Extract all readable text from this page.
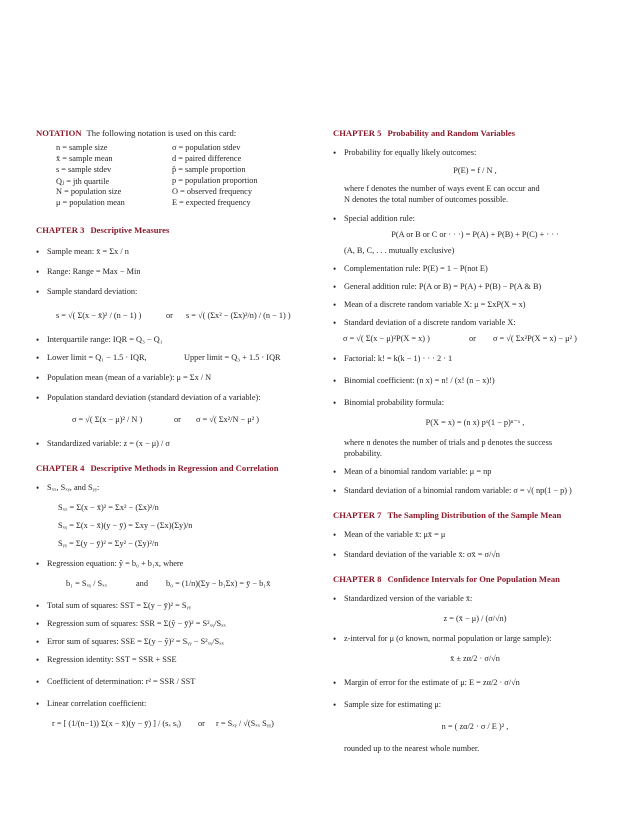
NOTATION The following notation is used on this card:
n = sample size	σ = population stdev
x̄ = sample mean	d = paired difference
s = sample stdev	p̂ = sample proportion
Qⱼ = jth quartile	p = population proportion
N = population size	O = observed frequency
μ = population mean	E = expected frequency
CHAPTER 3 Descriptive Measures
• Sample mean: x̄ = Σx / n
• Range: Range = Max − Min
• Sample standard deviation:
s = √( Σ(x − x̄)² / (n − 1) )	or s = √( (Σx² − (Σx)²/n) / (n − 1) )
• Interquartile range: IQR = Q₃ − Q₁
• Lower limit = Q₁ − 1.5 · IQR,	Upper limit = Q₃ + 1.5 · IQR
• Population mean (mean of a variable): μ = Σx / N
• Population standard deviation (standard deviation of a variable):
σ = √( Σ(x − μ)² / N )	or σ = √( Σx²/N − μ² )
• Standardized variable: z = (x − μ) / σ
CHAPTER 4 Descriptive Methods in Regression and Correlation
• Sₓₓ, Sₓᵧ, and Sᵧᵧ:
Sₓₓ = Σ(x − x̄)² = Σx² − (Σx)²/n
Sₓᵧ = Σ(x − x̄)(y − ȳ) = Σxy − (Σx)(Σy)/n
Sᵧᵧ = Σ(y − ȳ)² = Σy² − (Σy)²/n
• Regression equation: ŷ = b₀ + b₁x, where
b₁ = Sₓᵧ / Sₓₓ	and b₀ = (1/n)(Σy − b₁Σx) = ȳ − b₁x̄
• Total sum of squares: SST = Σ(y − ȳ)² = Sᵧᵧ
• Regression sum of squares: SSR = Σ(ŷ − ȳ)² = S²ₓᵧ/Sₓₓ
• Error sum of squares: SSE = Σ(y − ŷ)² = Sᵧᵧ − S²ₓᵧ/Sₓₓ
• Regression identity: SST = SSR + SSE
• Coefficient of determination: r² = SSR / SST
• Linear correlation coefficient:
r = [ (1/(n−1)) Σ(x − x̄)(y − ȳ) ] / (sₓ sᵧ) or r = Sₓᵧ / √(Sₓₓ Sᵧᵧ)
CHAPTER 5 Probability and Random Variables
• Probability for equally likely outcomes:
P(E) = f / N ,
where f denotes the number of ways event E can occur and
N denotes the total number of outcomes possible.
• Special addition rule:
P(A or B or C or · · ·) = P(A) + P(B) + P(C) + · · ·
(A, B, C, . . . mutually exclusive)
• Complementation rule: P(E) = 1 − P(not E)
• General addition rule: P(A or B) = P(A) + P(B) − P(A & B)
• Mean of a discrete random variable X: μ = ΣxP(X = x)
• Standard deviation of a discrete random variable X:
σ = √( Σ(x − μ)²P(X = x) )	or σ = √( Σx²P(X = x) − μ² )
• Factorial: k! = k(k − 1) · · · 2 · 1
• Binomial coefficient: (n x) = n! / (x! (n − x)!)
• Binomial probability formula:
P(X = x) = (n x) pˣ(1 − p)ⁿ⁻ˣ ,
where n denotes the number of trials and p denotes the success
probability.
• Mean of a binomial random variable: μ = np
• Standard deviation of a binomial random variable: σ = √( np(1 − p) )
CHAPTER 7 The Sampling Distribution of the Sample Mean
• Mean of the variable x̄: μx̄ = μ
• Standard deviation of the variable x̄: σx̄ = σ/√n
CHAPTER 8 Confidence Intervals for One Population Mean
• Standardized version of the variable x̄:
z = (x̄ − μ) / (σ/√n)
• z-interval for μ (σ known, normal population or large sample):
x̄ ± zα/2 · σ/√n
• Margin of error for the estimate of μ: E = zα/2 · σ/√n
• Sample size for estimating μ:
n = ( zα/2 · σ / E )² ,
rounded up to the nearest whole number.
